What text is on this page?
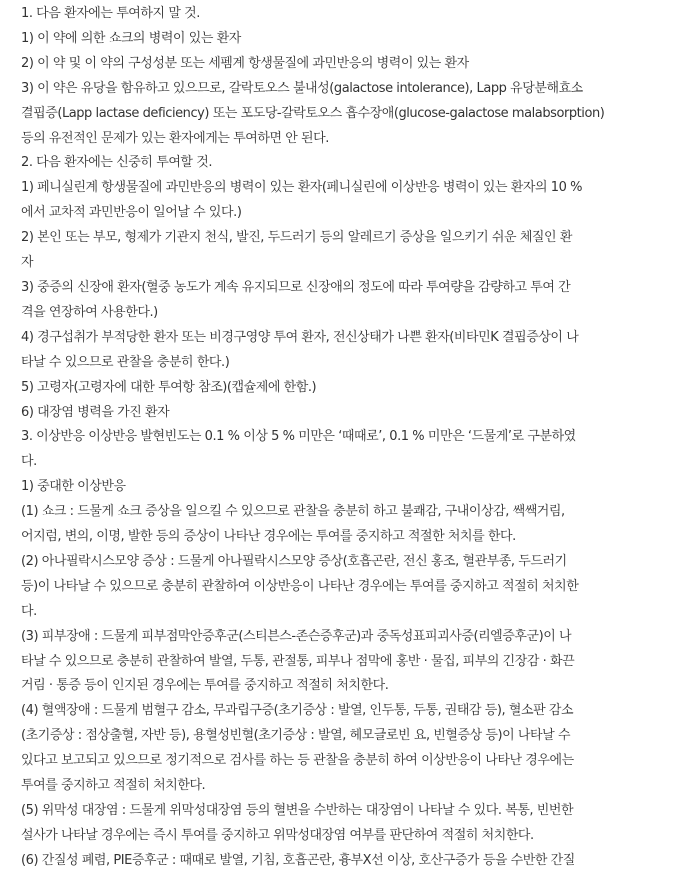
1. 다음 환자에는 투여하지 말 것.
1) 이 약에 의한 쇼크의 병력이 있는 환자
2) 이 약 및 이 약의 구성성분 또는 세펨계 항생물질에 과민반응의 병력이 있는 환자
3) 이 약은 유당을 함유하고 있으므로, 갈락토오스 불내성(galactose intolerance), Lapp 유당분해효소
결핍증(Lapp lactase deficiency) 또는 포도당-갈락토오스 흡수장애(glucose-galactose malabsorption)
등의 유전적인 문제가 있는 환자에게는 투여하면 안 된다.
2. 다음 환자에는 신중히 투여할 것.
1) 페니실린계 항생물질에 과민반응의 병력이 있는 환자(페니실린에 이상반응 병력이 있는 환자의 10 %
에서 교차적 과민반응이 일어날 수 있다.)
2) 본인 또는 부모, 형제가 기관지 천식, 발진, 두드러기 등의 알레르기 증상을 일으키기 쉬운 체질인 환
자
3) 중증의 신장애 환자(혈중 농도가 계속 유지되므로 신장애의 정도에 따라 투여량을 감량하고 투여 간
격을 연장하여 사용한다.)
4) 경구섭취가 부적당한 환자 또는 비경구영양 투여 환자, 전신상태가 나쁜 환자(비타민K 결핍증상이 나
타날 수 있으므로 관찰을 충분히 한다.)
5) 고령자(고령자에 대한 투여항 참조)(캡슐제에 한함.)
6) 대장염 병력을 가진 환자
3. 이상반응 이상반응 발현빈도는 0.1 % 이상 5 % 미만은 ‘때때로’, 0.1 % 미만은 ‘드물게’로 구분하였
다.
1) 중대한 이상반응
(1) 쇼크 : 드물게 쇼크 증상을 일으킬 수 있으므로 관찰을 충분히 하고 불쾌감, 구내이상감, 쌕쌕거림,
어지럼, 변의, 이명, 발한 등의 증상이 나타난 경우에는 투여를 중지하고 적절한 처치를 한다.
(2) 아나필락시스모양 증상 : 드물게 아나필락시스모양 증상(호흡곤란, 전신 홍조, 혈관부종, 두드러기
등)이 나타날 수 있으므로 충분히 관찰하여 이상반응이 나타난 경우에는 투여를 중지하고 적절히 처치한
다.
(3) 피부장애 : 드물게 피부점막안증후군(스티븐스-존슨증후군)과 중독성표피괴사증(리엘증후군)이 나
타날 수 있으므로 충분히 관찰하여 발열, 두통, 관절통, 피부나 점막에 홍반 · 물집, 피부의 긴장감 · 화끈
거림 · 통증 등이 인지된 경우에는 투여를 중지하고 적절히 처치한다.
(4) 혈액장애 : 드물게 범혈구 감소, 무과립구증(초기증상 : 발열, 인두통, 두통, 권태감 등), 혈소판 감소
(초기증상 : 점상출혈, 자반 등), 용혈성빈혈(초기증상 : 발열, 헤모글로빈 요, 빈혈증상 등)이 나타날 수
있다고 보고되고 있으므로 정기적으로 검사를 하는 등 관찰을 충분히 하여 이상반응이 나타난 경우에는
투여를 중지하고 적절히 처치한다.
(5) 위막성 대장염 : 드물게 위막성대장염 등의 혈변을 수반하는 대장염이 나타날 수 있다. 복통, 빈번한
설사가 나타날 경우에는 즉시 투여를 중지하고 위막성대장염 여부를 판단하여 적절히 처치한다.
(6) 간질성 폐렴, PIE증후군 : 때때로 발열, 기침, 호흡곤란, 흉부X선 이상, 호산구증가 등을 수반한 간질
